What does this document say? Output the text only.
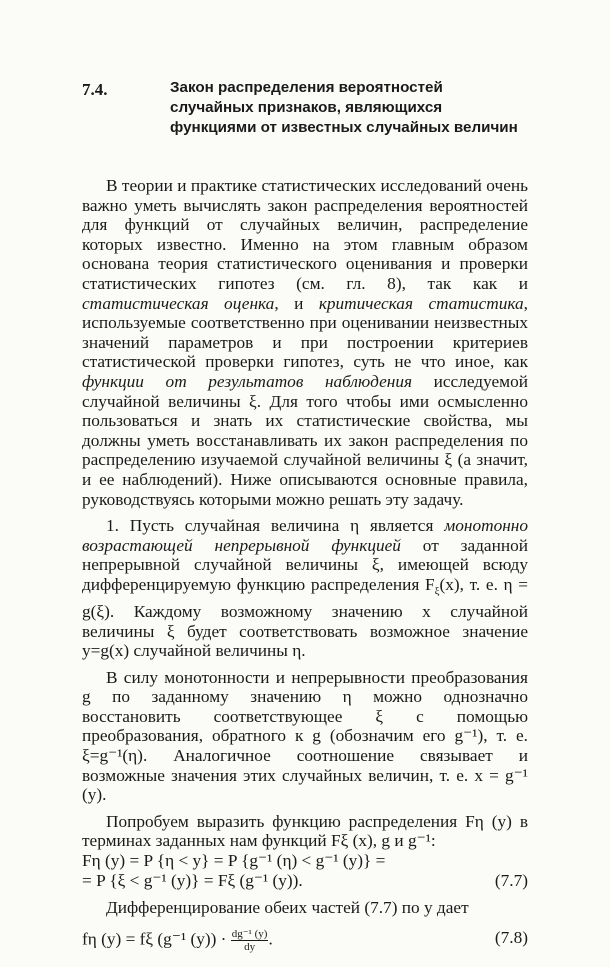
7.4.	Закон распределения вероятностей случайных признаков, являющихся функциями от известных случайных величин

В теории и практике статистических исследований очень важно уметь вычислять закон распределения вероятностей для функций от случайных величин, распределение которых известно. Именно на этом главным образом основана теория статистического оценивания и проверки статистических гипотез (см. гл. 8), так как и статистическая оценка, и критическая статистика, используемые соответственно при оценивании неизвестных значений параметров и при построении критериев статистической проверки гипотез, суть не что иное, как функции от результатов наблюдения исследуемой случайной величины ξ. Для того чтобы ими осмысленно пользоваться и знать их статистические свойства, мы должны уметь восстанавливать их закон распределения по распределению изучаемой случайной величины ξ (а значит, и ее наблюдений). Ниже описываются основные правила, руководствуясь которыми можно решать эту задачу.

1. Пусть случайная величина η является монотонно возрастающей непрерывной функцией от заданной непрерывной случайной величины ξ, имеющей всюду дифференцируемую функцию распределения $F_\xi(x)$, т. е. η = g(ξ). Каждому возможному значению x случайной величины ξ будет соответствовать возможное значение y=g(x) случайной величины η.

В силу монотонности и непрерывности преобразования g по заданному значению η можно однозначно восстановить соответствующее ξ с помощью преобразования, обратного к g (обозначим его g⁻¹), т. е. ξ=g⁻¹(η). Аналогичное соотношение связывает и возможные значения этих случайных величин, т. е. x = g⁻¹ (y).

Попробуем выразить функцию распределения Fη (y) в терминах заданных нам функций Fξ (x), g и g⁻¹:

Fη (y) = P {η < y} = P {g⁻¹ (η) < g⁻¹ (y)} =
= P {ξ < g⁻¹ (y)} = Fξ (g⁻¹ (y)).	(7.7)

Дифференцирование обеих частей (7.7) по y дает

fη (y) = fξ (g⁻¹ $(y)) \cdot \frac{\text{dg⁻¹ (y)}}{dy}$ .	(7.8)
